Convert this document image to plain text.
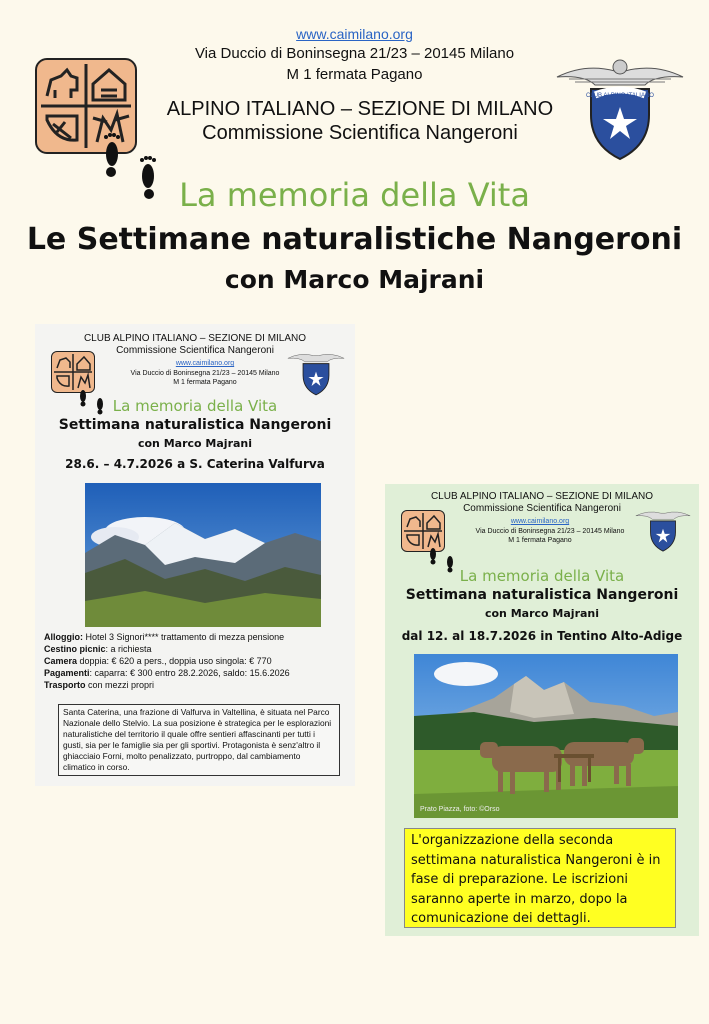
www.caimilano.org
Via Duccio di Boninsegna 21/23 – 20145 Milano
M 1 fermata Pagano
CLUB ALPINO ITALIANO
ALPINO ITALIANO – SEZIONE DI MILANO
Commissione Scientifica Nangeroni
La memoria della Vita
Le Settimane naturalistiche Nangeroni
con Marco Majrani
CLUB ALPINO ITALIANO – SEZIONE DI MILANO
Commissione Scientifica Nangeroni
www.caimilano.org
Via Duccio di Boninsegna 21/23 – 20145 Milano
M 1 fermata Pagano
La memoria della Vita
Settimana naturalistica Nangeroni
con Marco Majrani
28.6. – 4.7.2026 a S. Caterina Valfurva
Alloggio: Hotel 3 Signori**** trattamento di mezza pensione
Cestino picnic: a richiesta
Camera doppia: € 620 a pers., doppia uso singola: € 770
Pagamenti: caparra: € 300 entro 28.2.2026, saldo: 15.6.2026
Trasporto con mezzi propri
Santa Caterina, una frazione di Valfurva in Valtellina, è situata nel Parco Nazionale dello Stelvio. La sua posizione è strategica per le esplorazioni naturalistiche del territorio il quale offre sentieri affascinanti per tutti i gusti, sia per le famiglie sia per gli sportivi. Protagonista è senz'altro il ghiacciaio Forni, molto penalizzato, purtroppo, dal cambiamento climatico in corso.
CLUB ALPINO ITALIANO – SEZIONE DI MILANO
Commissione Scientifica Nangeroni
www.caimilano.org
Via Duccio di Boninsegna 21/23 – 20145 Milano
M 1 fermata Pagano
La memoria della Vita
Settimana naturalistica Nangeroni
con Marco Majrani
dal 12. al 18.7.2026 in Tentino Alto-Adige
Prato Piazza, foto: ©Orso
L'organizzazione della seconda settimana naturalistica Nangeroni è in fase di preparazione. Le iscrizioni saranno aperte in marzo, dopo la comunicazione dei dettagli.
